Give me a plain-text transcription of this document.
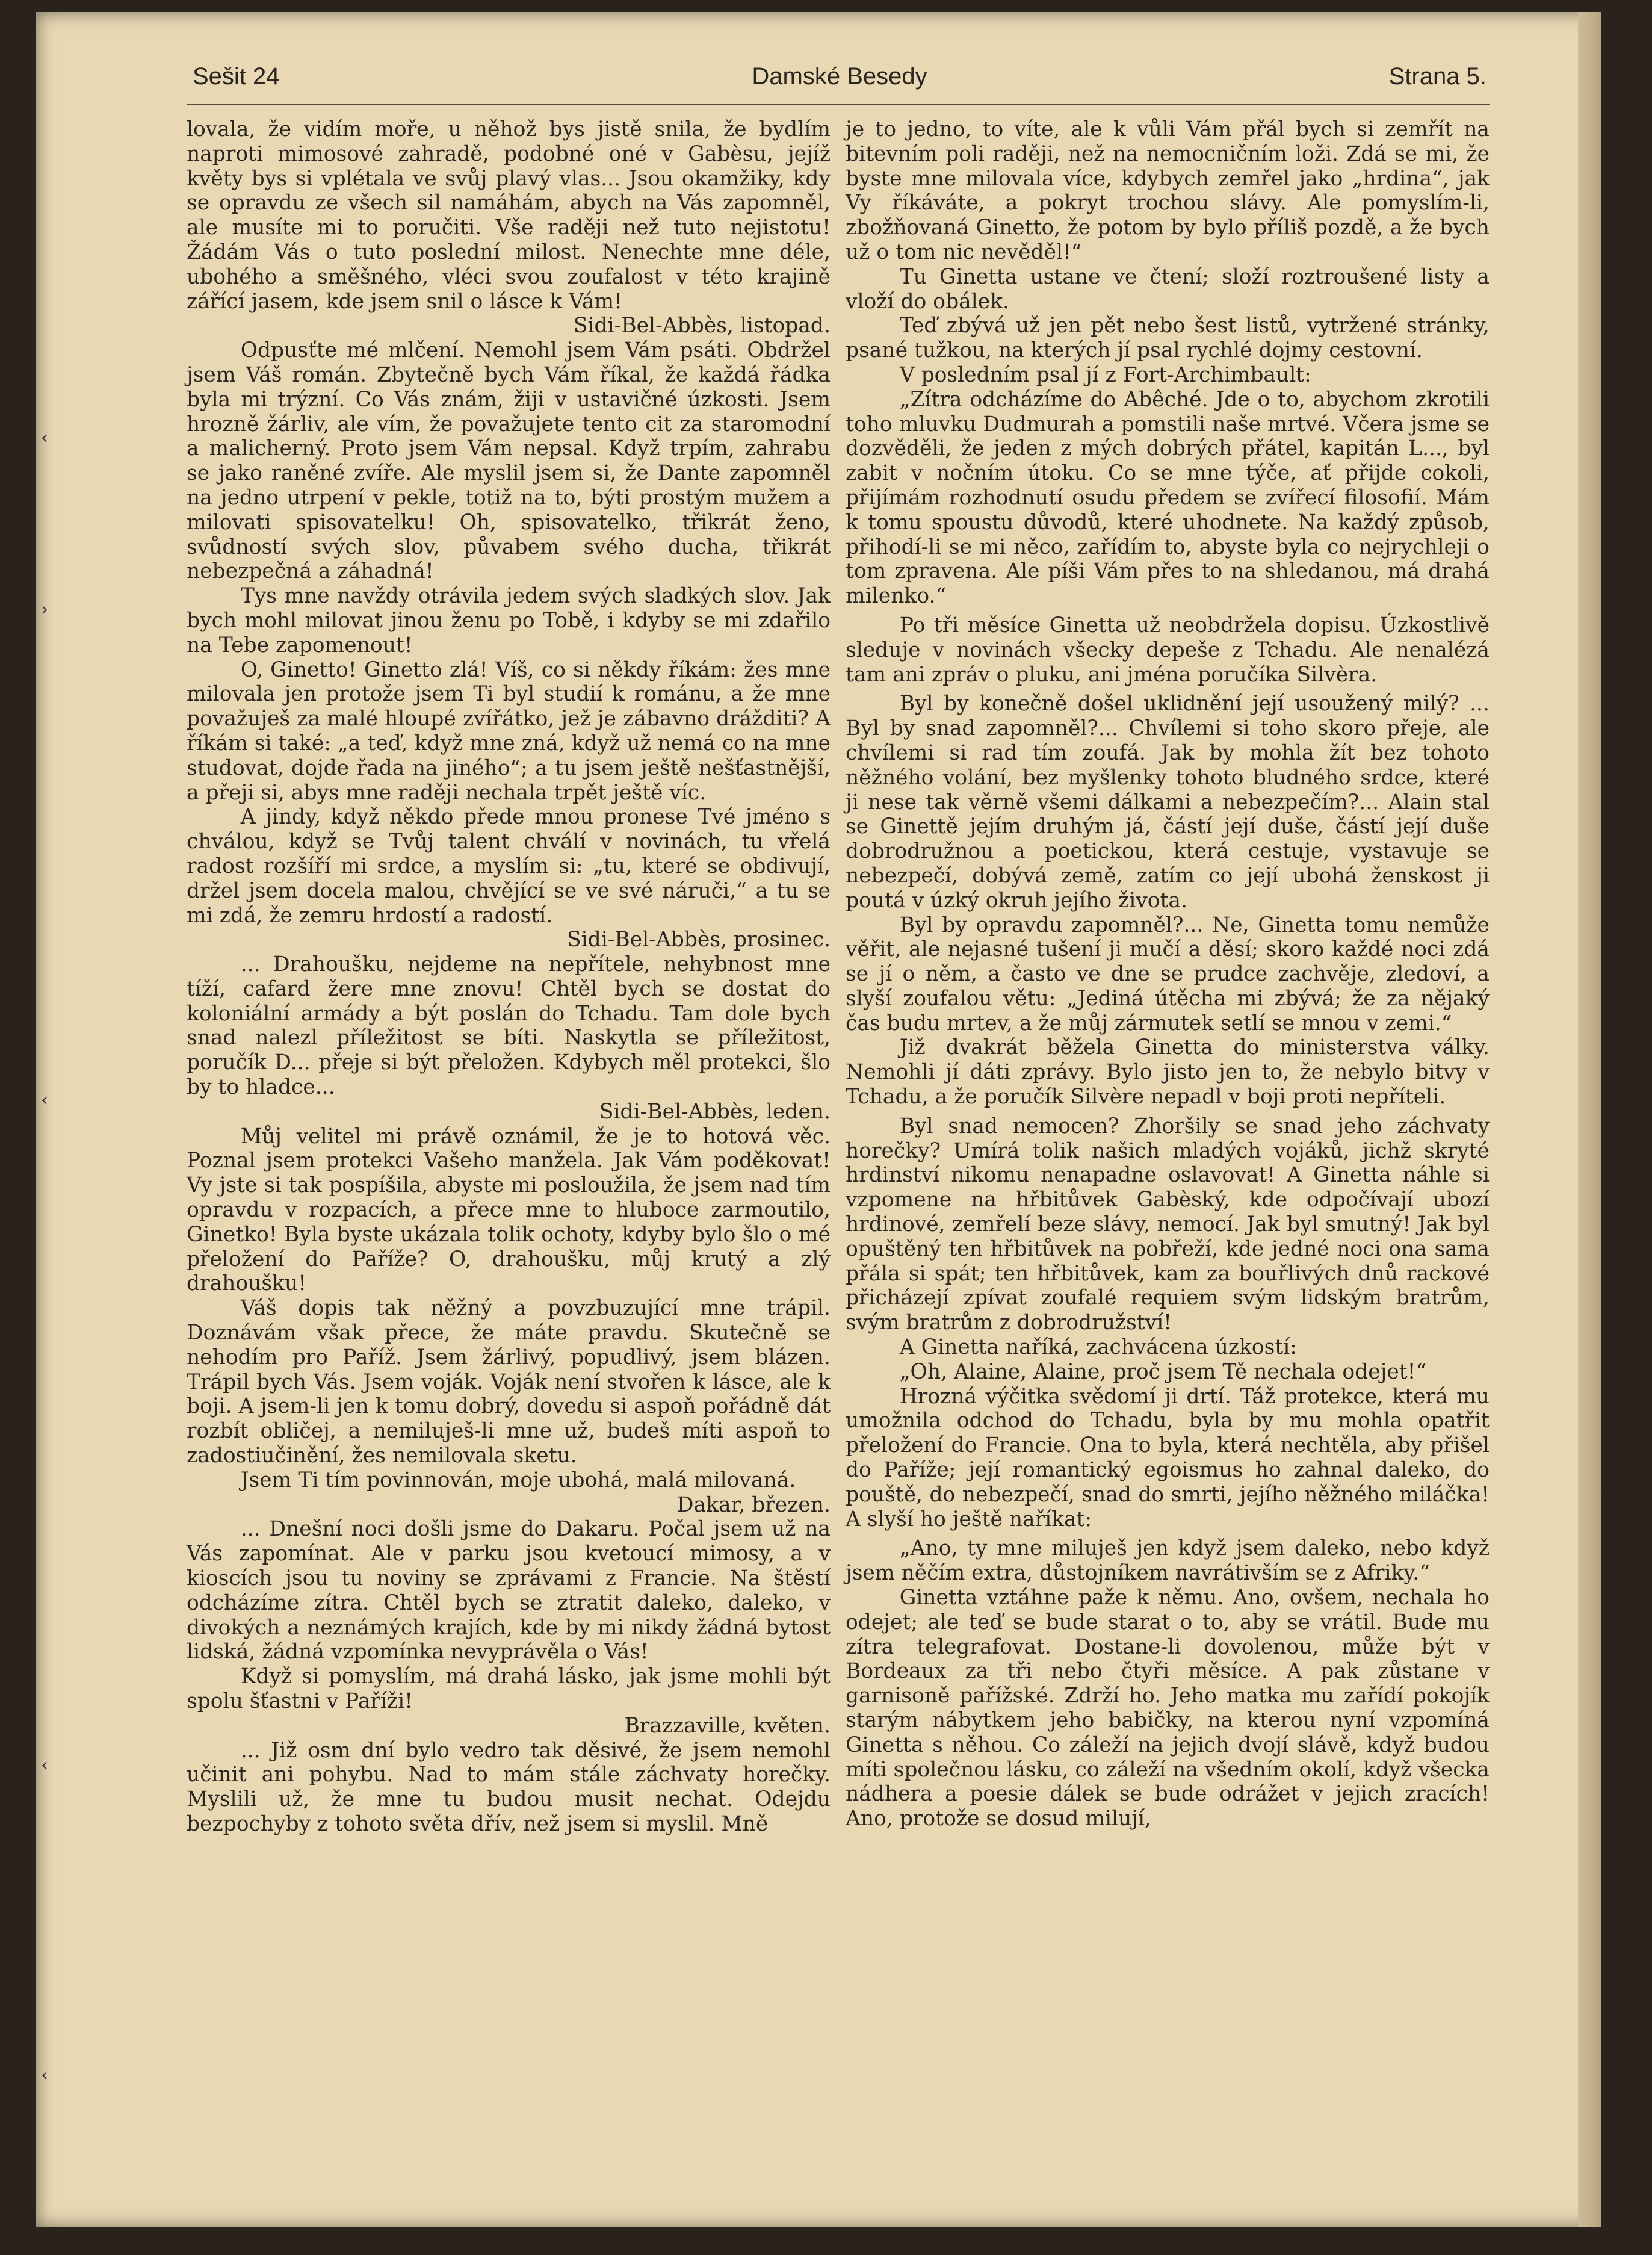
Sešit 24	Damské Besedy	Strana 5.

lovala, že vidím moře, u něhož bys jistě snila, že bydlím naproti mimosové zahradě, podobné oné v Gabèsu, jejíž květy bys si vplétala ve svůj plavý vlas... Jsou okamžiky, kdy se opravdu ze všech sil namáhám, abych na Vás zapomněl, ale musíte mi to poručiti. Vše raději než tuto nejistotu! Žádám Vás o tuto poslední milost. Nenechte mne déle, ubohého a směšného, vléci svou zoufalost v této krajině zářící jasem, kde jsem snil o lásce k Vám!

Sidi-Bel-Abbès, listopad.

Odpusťte mé mlčení. Nemohl jsem Vám psáti. Obdržel jsem Váš román. Zbytečně bych Vám říkal, že každá řádka byla mi trýzní. Co Vás znám, žiji v ustavičné úzkosti. Jsem hrozně žárliv, ale vím, že považujete tento cit za staromodní a malicherný. Proto jsem Vám nepsal. Když trpím, zahrabu se jako raněné zvíře. Ale myslil jsem si, že Dante zapomněl na jedno utrpení v pekle, totiž na to, býti prostým mužem a milovati spisovatelku! Oh, spisovatelko, třikrát ženo, svůdností svých slov, půvabem svého ducha, třikrát nebezpečná a záhadná!

Tys mne navždy otrávila jedem svých sladkých slov. Jak bych mohl milovat jinou ženu po Tobě, i kdyby se mi zdařilo na Tebe zapomenout!

O, Ginetto! Ginetto zlá! Víš, co si někdy říkám: žes mne milovala jen protože jsem Ti byl studií k románu, a že mne považuješ za malé hloupé zvířátko, jež je zábavno drážditi? A říkám si také: „a teď, když mne zná, když už nemá co na mne studovat, dojde řada na jiného“; a tu jsem ještě nešťastnější, a přeji si, abys mne raději nechala trpět ještě víc.

A jindy, když někdo přede mnou pronese Tvé jméno s chválou, když se Tvůj talent chválí v novinách, tu vřelá radost rozšíří mi srdce, a myslím si: „tu, které se obdivují, držel jsem docela malou, chvějící se ve své náruči,“ a tu se mi zdá, že zemru hrdostí a radostí.

Sidi-Bel-Abbès, prosinec.

... Drahoušku, nejdeme na nepřítele, nehybnost mne tíží, cafard žere mne znovu! Chtěl bych se dostat do koloniální armády a být poslán do Tchadu. Tam dole bych snad nalezl příležitost se bíti. Naskytla se příležitost, poručík D... přeje si být přeložen. Kdybych měl protekci, šlo by to hladce...

Sidi-Bel-Abbès, leden.

Můj velitel mi právě oznámil, že je to hotová věc. Poznal jsem protekci Vašeho manžela. Jak Vám poděkovat! Vy jste si tak pospíšila, abyste mi posloužila, že jsem nad tím opravdu v rozpacích, a přece mne to hluboce zarmoutilo, Ginetko! Byla byste ukázala tolik ochoty, kdyby bylo šlo o mé přeložení do Paříže? O, drahoušku, můj krutý a zlý drahoušku!

Váš dopis tak něžný a povzbuzující mne trápil. Doznávám však přece, že máte pravdu. Skutečně se nehodím pro Paříž. Jsem žárlivý, popudlivý, jsem blázen. Trápil bych Vás. Jsem voják. Voják není stvořen k lásce, ale k boji. A jsem-li jen k tomu dobrý, dovedu si aspoň pořádně dát rozbít obličej, a nemiluješ-li mne už, budeš míti aspoň to zadostiučinění, žes nemilovala sketu.

Jsem Ti tím povinnován, moje ubohá, malá milovaná.

Dakar, březen.

... Dnešní noci došli jsme do Dakaru. Počal jsem už na Vás zapomínat. Ale v parku jsou kvetoucí mimosy, a v kioscích jsou tu noviny se zprávami z Francie. Na štěstí odcházíme zítra. Chtěl bych se ztratit daleko, daleko, v divokých a neznámých krajích, kde by mi nikdy žádná bytost lidská, žádná vzpomínka nevyprávěla o Vás!

Když si pomyslím, má drahá lásko, jak jsme mohli být spolu šťastni v Paříži!

Brazzaville, květen.

... Již osm dní bylo vedro tak děsivé, že jsem nemohl učinit ani pohybu. Nad to mám stále záchvaty horečky. Myslili už, že mne tu budou musit nechat. Odejdu bezpochyby z tohoto světa dřív, než jsem si myslil. Mně

je to jedno, to víte, ale k vůli Vám přál bych si zemřít na bitevním poli raději, než na nemocničním loži. Zdá se mi, že byste mne milovala více, kdybych zemřel jako „hrdina“, jak Vy říkáváte, a pokryt trochou slávy. Ale pomyslím-li, zbožňovaná Ginetto, že potom by bylo příliš pozdě, a že bych už o tom nic nevěděl!“

Tu Ginetta ustane ve čtení; složí roztroušené listy a vloží do obálek.

Teď zbývá už jen pět nebo šest listů, vytržené stránky, psané tužkou, na kterých jí psal rychlé dojmy cestovní.

V posledním psal jí z Fort-Archimbault:

„Zítra odcházíme do Abêché. Jde o to, abychom zkrotili toho mluvku Dudmurah a pomstili naše mrtvé. Včera jsme se dozvěděli, že jeden z mých dobrých přátel, kapitán L..., byl zabit v nočním útoku. Co se mne týče, ať přijde cokoli, přijímám rozhodnutí osudu předem se zvířecí filosofií. Mám k tomu spoustu důvodů, které uhodnete. Na každý způsob, přihodí-li se mi něco, zařídím to, abyste byla co nejrychleji o tom zpravena. Ale píši Vám přes to na shledanou, má drahá milenko.“

Po tři měsíce Ginetta už neobdržela dopisu. Úzkostlivě sleduje v novinách všecky depeše z Tchadu. Ale nenalézá tam ani zpráv o pluku, ani jména poručíka Silvèra.

Byl by konečně došel uklidnění její usoužený milý? ... Byl by snad zapomněl?... Chvílemi si toho skoro přeje, ale chvílemi si rad tím zoufá. Jak by mohla žít bez tohoto něžného volání, bez myšlenky tohoto bludného srdce, které ji nese tak věrně všemi dálkami a nebezpečím?... Alain stal se Ginettě jejím druhým já, částí její duše, částí její duše dobrodružnou a poetickou, která cestuje, vystavuje se nebezpečí, dobývá země, zatím co její ubohá ženskost ji poutá v úzký okruh jejího života.

Byl by opravdu zapomněl?... Ne, Ginetta tomu nemůže věřit, ale nejasné tušení ji mučí a děsí; skoro každé noci zdá se jí o něm, a často ve dne se prudce zachvěje, zledoví, a slyší zoufalou větu: „Jediná útěcha mi zbývá; že za nějaký čas budu mrtev, a že můj zármutek setlí se mnou v zemi.“

Již dvakrát běžela Ginetta do ministerstva války. Nemohli jí dáti zprávy. Bylo jisto jen to, že nebylo bitvy v Tchadu, a že poručík Silvère nepadl v boji proti nepříteli.

Byl snad nemocen? Zhoršily se snad jeho záchvaty horečky? Umírá tolik našich mladých vojáků, jichž skryté hrdinství nikomu nenapadne oslavovat! A Ginetta náhle si vzpomene na hřbitůvek Gabèský, kde odpočívají ubozí hrdinové, zemřelí beze slávy, nemocí. Jak byl smutný! Jak byl opuštěný ten hřbitůvek na pobřeží, kde jedné noci ona sama přála si spát; ten hřbitůvek, kam za bouřlivých dnů rackové přicházejí zpívat zoufalé requiem svým lidským bratrům, svým bratrům z dobrodružství!

A Ginetta naříká, zachvácena úzkostí:

„Oh, Alaine, Alaine, proč jsem Tě nechala odejet!“

Hrozná výčitka svědomí ji drtí. Táž protekce, která mu umožnila odchod do Tchadu, byla by mu mohla opatřit přeložení do Francie. Ona to byla, která nechtěla, aby přišel do Paříže; její romantický egoismus ho zahnal daleko, do pouště, do nebezpečí, snad do smrti, jejího něžného miláčka! A slyší ho ještě naříkat:

„Ano, ty mne miluješ jen když jsem daleko, nebo když jsem něčím extra, důstojníkem navrátivším se z Afriky.“

Ginetta vztáhne paže k němu. Ano, ovšem, nechala ho odejet; ale teď se bude starat o to, aby se vrátil. Bude mu zítra telegrafovat. Dostane-li dovolenou, může být v Bordeaux za tři nebo čtyři měsíce. A pak zůstane v garnisoně pařížské. Zdrží ho. Jeho matka mu zařídí pokojík starým nábytkem jeho babičky, na kterou nyní vzpomíná Ginetta s něhou. Co záleží na jejich dvojí slávě, když budou míti společnou lásku, co záleží na všedním okolí, když všecka nádhera a poesie dálek se bude odrážet v jejich zracích! Ano, protože se dosud milují,

‹
›
‹
‹
‹
